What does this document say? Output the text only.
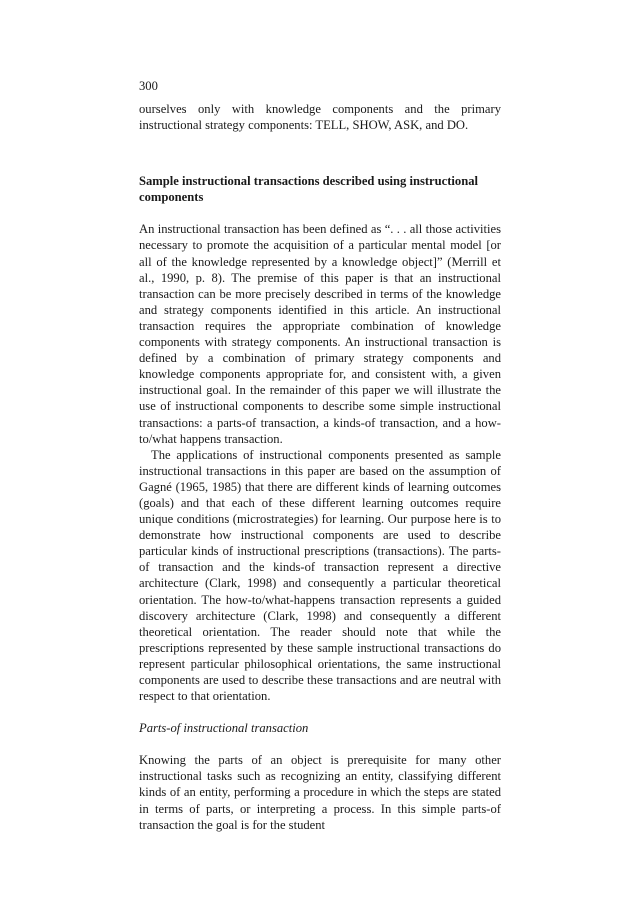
300

ourselves only with knowledge components and the primary instructional strategy components: TELL, SHOW, ASK, and DO.

Sample instructional transactions described using instructional components

An instructional transaction has been defined as “. . . all those activities necessary to promote the acquisition of a particular mental model [or all of the knowledge represented by a knowledge object]” (Merrill et al., 1990, p. 8). The premise of this paper is that an instructional transaction can be more precisely described in terms of the knowledge and strategy components identified in this article. An instructional transaction requires the appropriate combination of knowledge components with strategy components. An instructional transaction is defined by a combination of primary strategy components and knowledge components appropriate for, and consistent with, a given instructional goal. In the remainder of this paper we will illustrate the use of instructional components to describe some simple instructional transactions: a parts-of transaction, a kinds-of transaction, and a how-to/what happens transaction.

The applications of instructional components presented as sample instructional transactions in this paper are based on the assumption of Gagné (1965, 1985) that there are different kinds of learning outcomes (goals) and that each of these different learning outcomes require unique conditions (microstrategies) for learning. Our purpose here is to demonstrate how instructional components are used to describe particular kinds of instructional prescriptions (transactions). The parts-of transaction and the kinds-of transaction represent a directive architecture (Clark, 1998) and consequently a particular theoretical orientation. The how-to/what-happens transaction represents a guided discovery architecture (Clark, 1998) and consequently a different theoretical orientation. The reader should note that while the prescriptions represented by these sample instructional transactions do represent particular philosophical orientations, the same instructional components are used to describe these transactions and are neutral with respect to that orientation.

Parts-of instructional transaction

Knowing the parts of an object is prerequisite for many other instructional tasks such as recognizing an entity, classifying different kinds of an entity, performing a procedure in which the steps are stated in terms of parts, or interpreting a process. In this simple parts-of transaction the goal is for the student
